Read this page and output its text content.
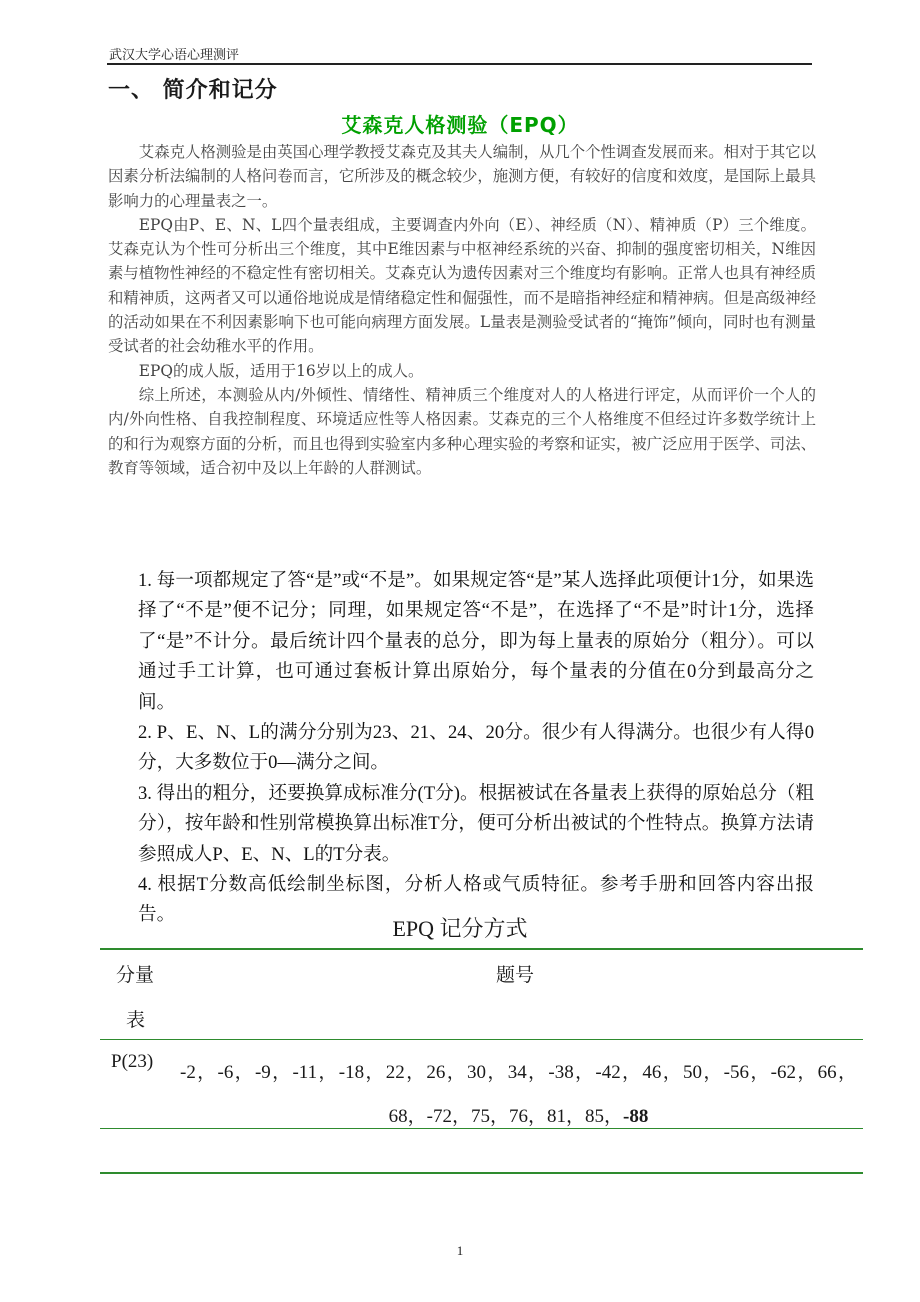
武汉大学心语心理测评
一、 简介和记分
艾森克人格测验（EPQ）

艾森克人格测验是由英国心理学教授艾森克及其夫人编制，从几个个性调查发展而来。相对于其它以因素分析法编制的人格问卷而言，它所涉及的概念较少，施测方便，有较好的信度和效度，是国际上最具影响力的心理量表之一。

EPQ由P、E、N、L四个量表组成，主要调查内外向（E）、神经质（N）、精神质（P）三个维度。艾森克认为个性可分析出三个维度，其中E维因素与中枢神经系统的兴奋、抑制的强度密切相关，N维因素与植物性神经的不稳定性有密切相关。艾森克认为遗传因素对三个维度均有影响。正常人也具有神经质和精神质，这两者又可以通俗地说成是情绪稳定性和倔强性，而不是暗指神经症和精神病。但是高级神经的活动如果在不利因素影响下也可能向病理方面发展。L量表是测验受试者的“掩饰”倾向，同时也有测量受试者的社会幼稚水平的作用。

EPQ的成人版，适用于16岁以上的成人。

综上所述，本测验从内/外倾性、情绪性、精神质三个维度对人的人格进行评定，从而评价一个人的内/外向性格、自我控制程度、环境适应性等人格因素。艾森克的三个人格维度不但经过许多数学统计上的和行为观察方面的分析，而且也得到实验室内多种心理实验的考察和证实，被广泛应用于医学、司法、教育等领域，适合初中及以上年龄的人群测试。

1. 每一项都规定了答“是”或“不是”。如果规定答“是”某人选择此项便计1分，如果选择了“不是”便不记分；同理，如果规定答“不是”，在选择了“不是”时计1分，选择了“是”不计分。最后统计四个量表的总分，即为每上量表的原始分（粗分）。可以通过手工计算，也可通过套板计算出原始分，每个量表的分值在0分到最高分之间。

2. P、E、N、L的满分分别为23、21、24、20分。很少有人得满分。也很少有人得0分，大多数位于0—满分之间。

3. 得出的粗分，还要换算成标准分(T分)。根据被试在各量表上获得的原始总分（粗分），按年龄和性别常模换算出标准T分，便可分析出被试的个性特点。换算方法请参照成人P、E、N、L的T分表。

4. 根据T分数高低绘制坐标图，分析人格或气质特征。参考手册和回答内容出报告。

EPQ 记分方式
分量
表
题号
P(23)
-2，-6，-9，-11，-18，22，26，30，34，-38，-42，46，50，-56，-62，66，68，-72，75，76，81，85，-88
1
